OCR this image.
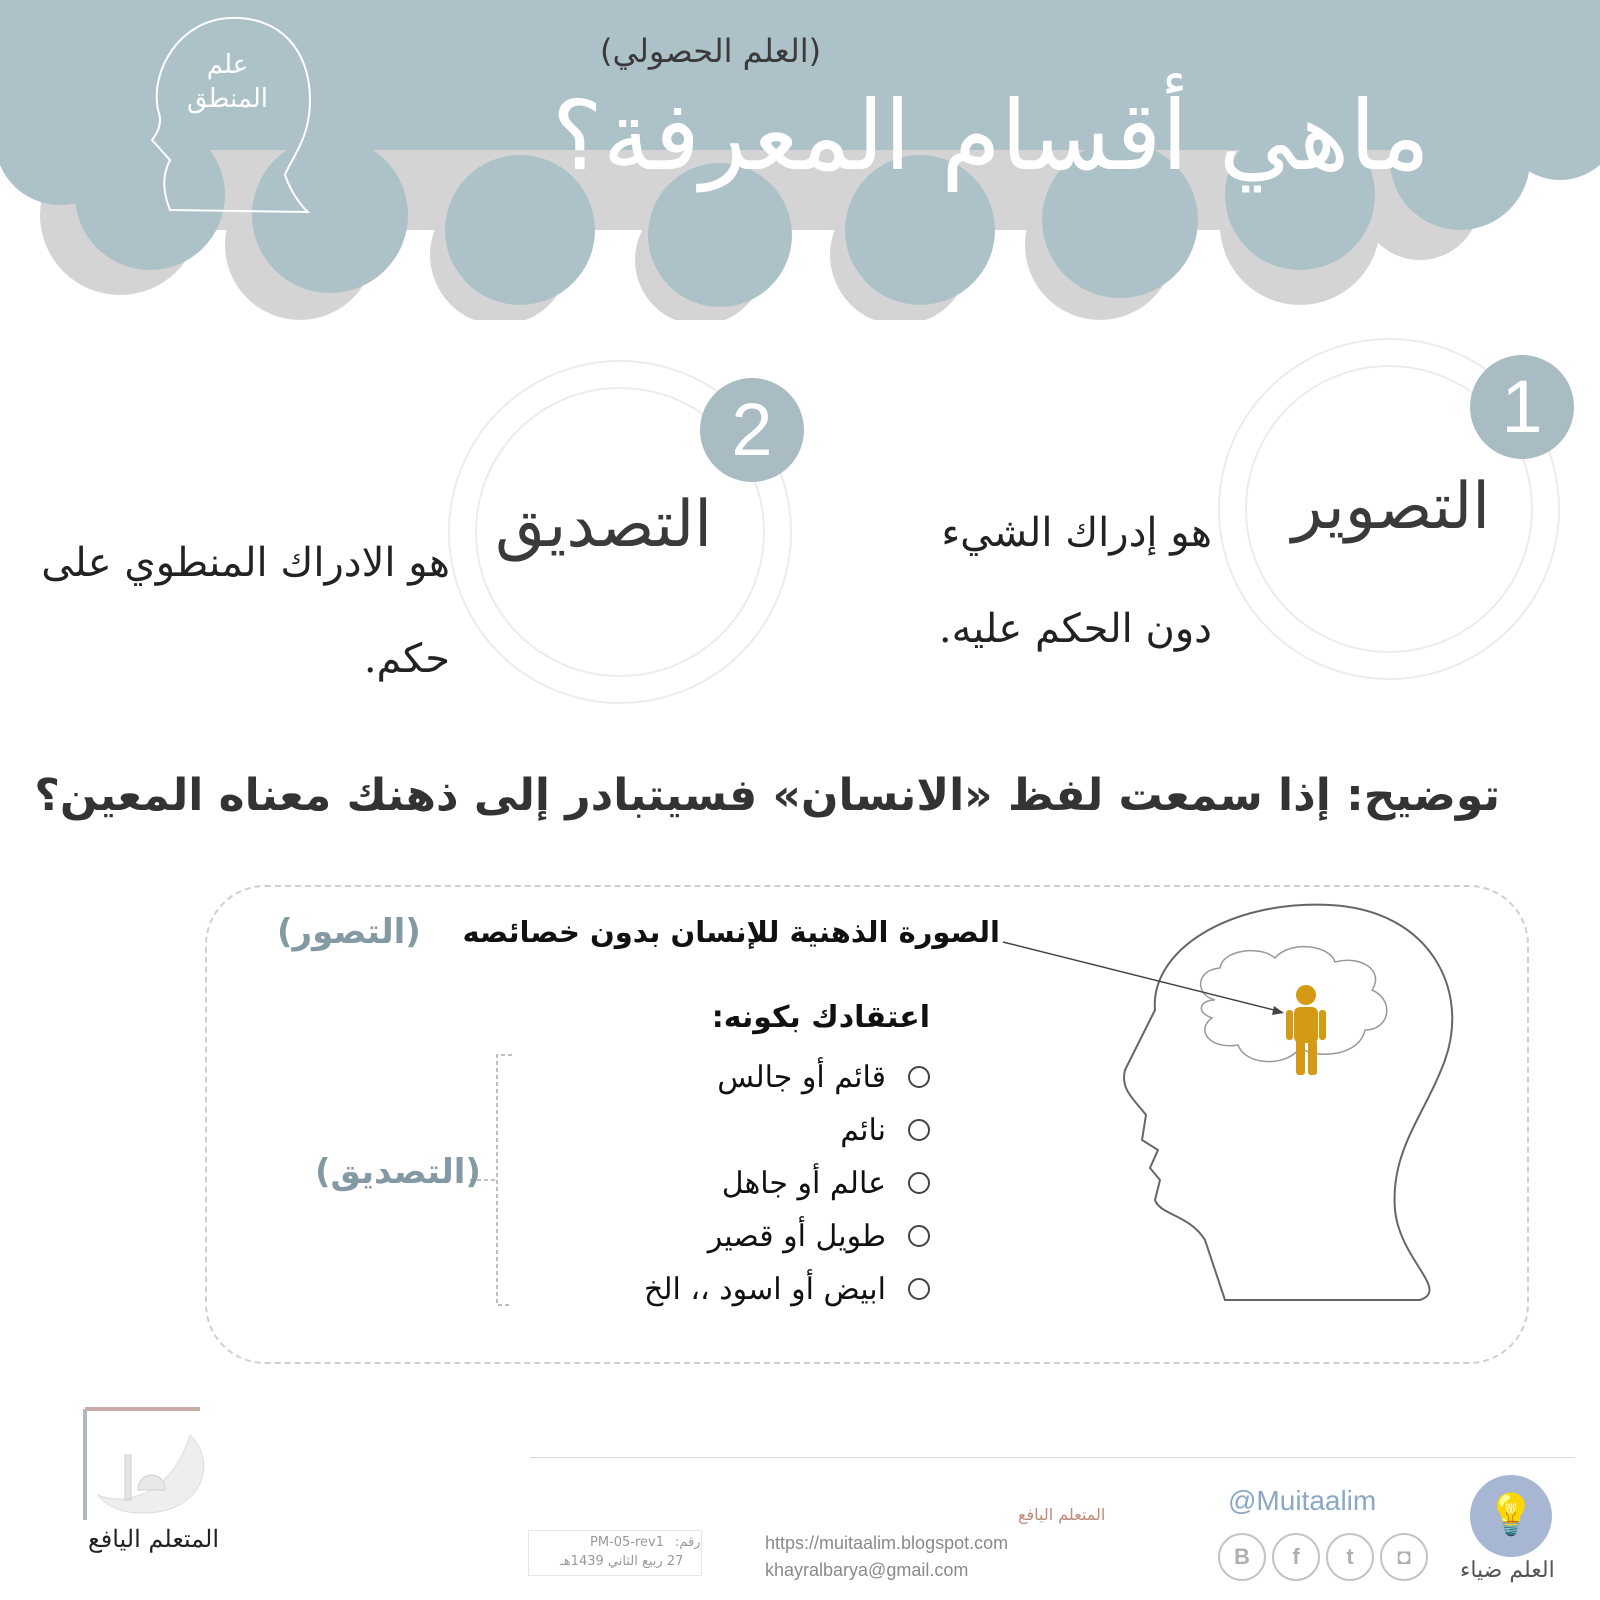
علم
المنطق
(العلم الحصولي)
ماهي أقسام المعرفة؟
1
التصوير
هو إدراك الشيء
دون الحكم عليه.
2
التصديق
هو الادراك المنطوي على
حكم.
توضيح: إذا سمعت لفظ «الانسان» فسيتبادر إلى ذهنك معناه المعين؟
الصورة الذهنية للإنسان بدون خصائصه
(التصور)
اعتقادك بكونه:
قائم أو جالس
نائم
عالم أو جاهل
طويل أو قصير
ابيض أو اسود ،، الخ
(التصديق)
المتعلم اليافع	PM-05-rev1 رقم:
27 ربيع الثاني 1439هـ
المتعلم اليافع
https://muitaalim.blogspot.com
khayralbarya@gmail.com
@Muitaalim
B	f	t	◘
💡
العلم ضياء
